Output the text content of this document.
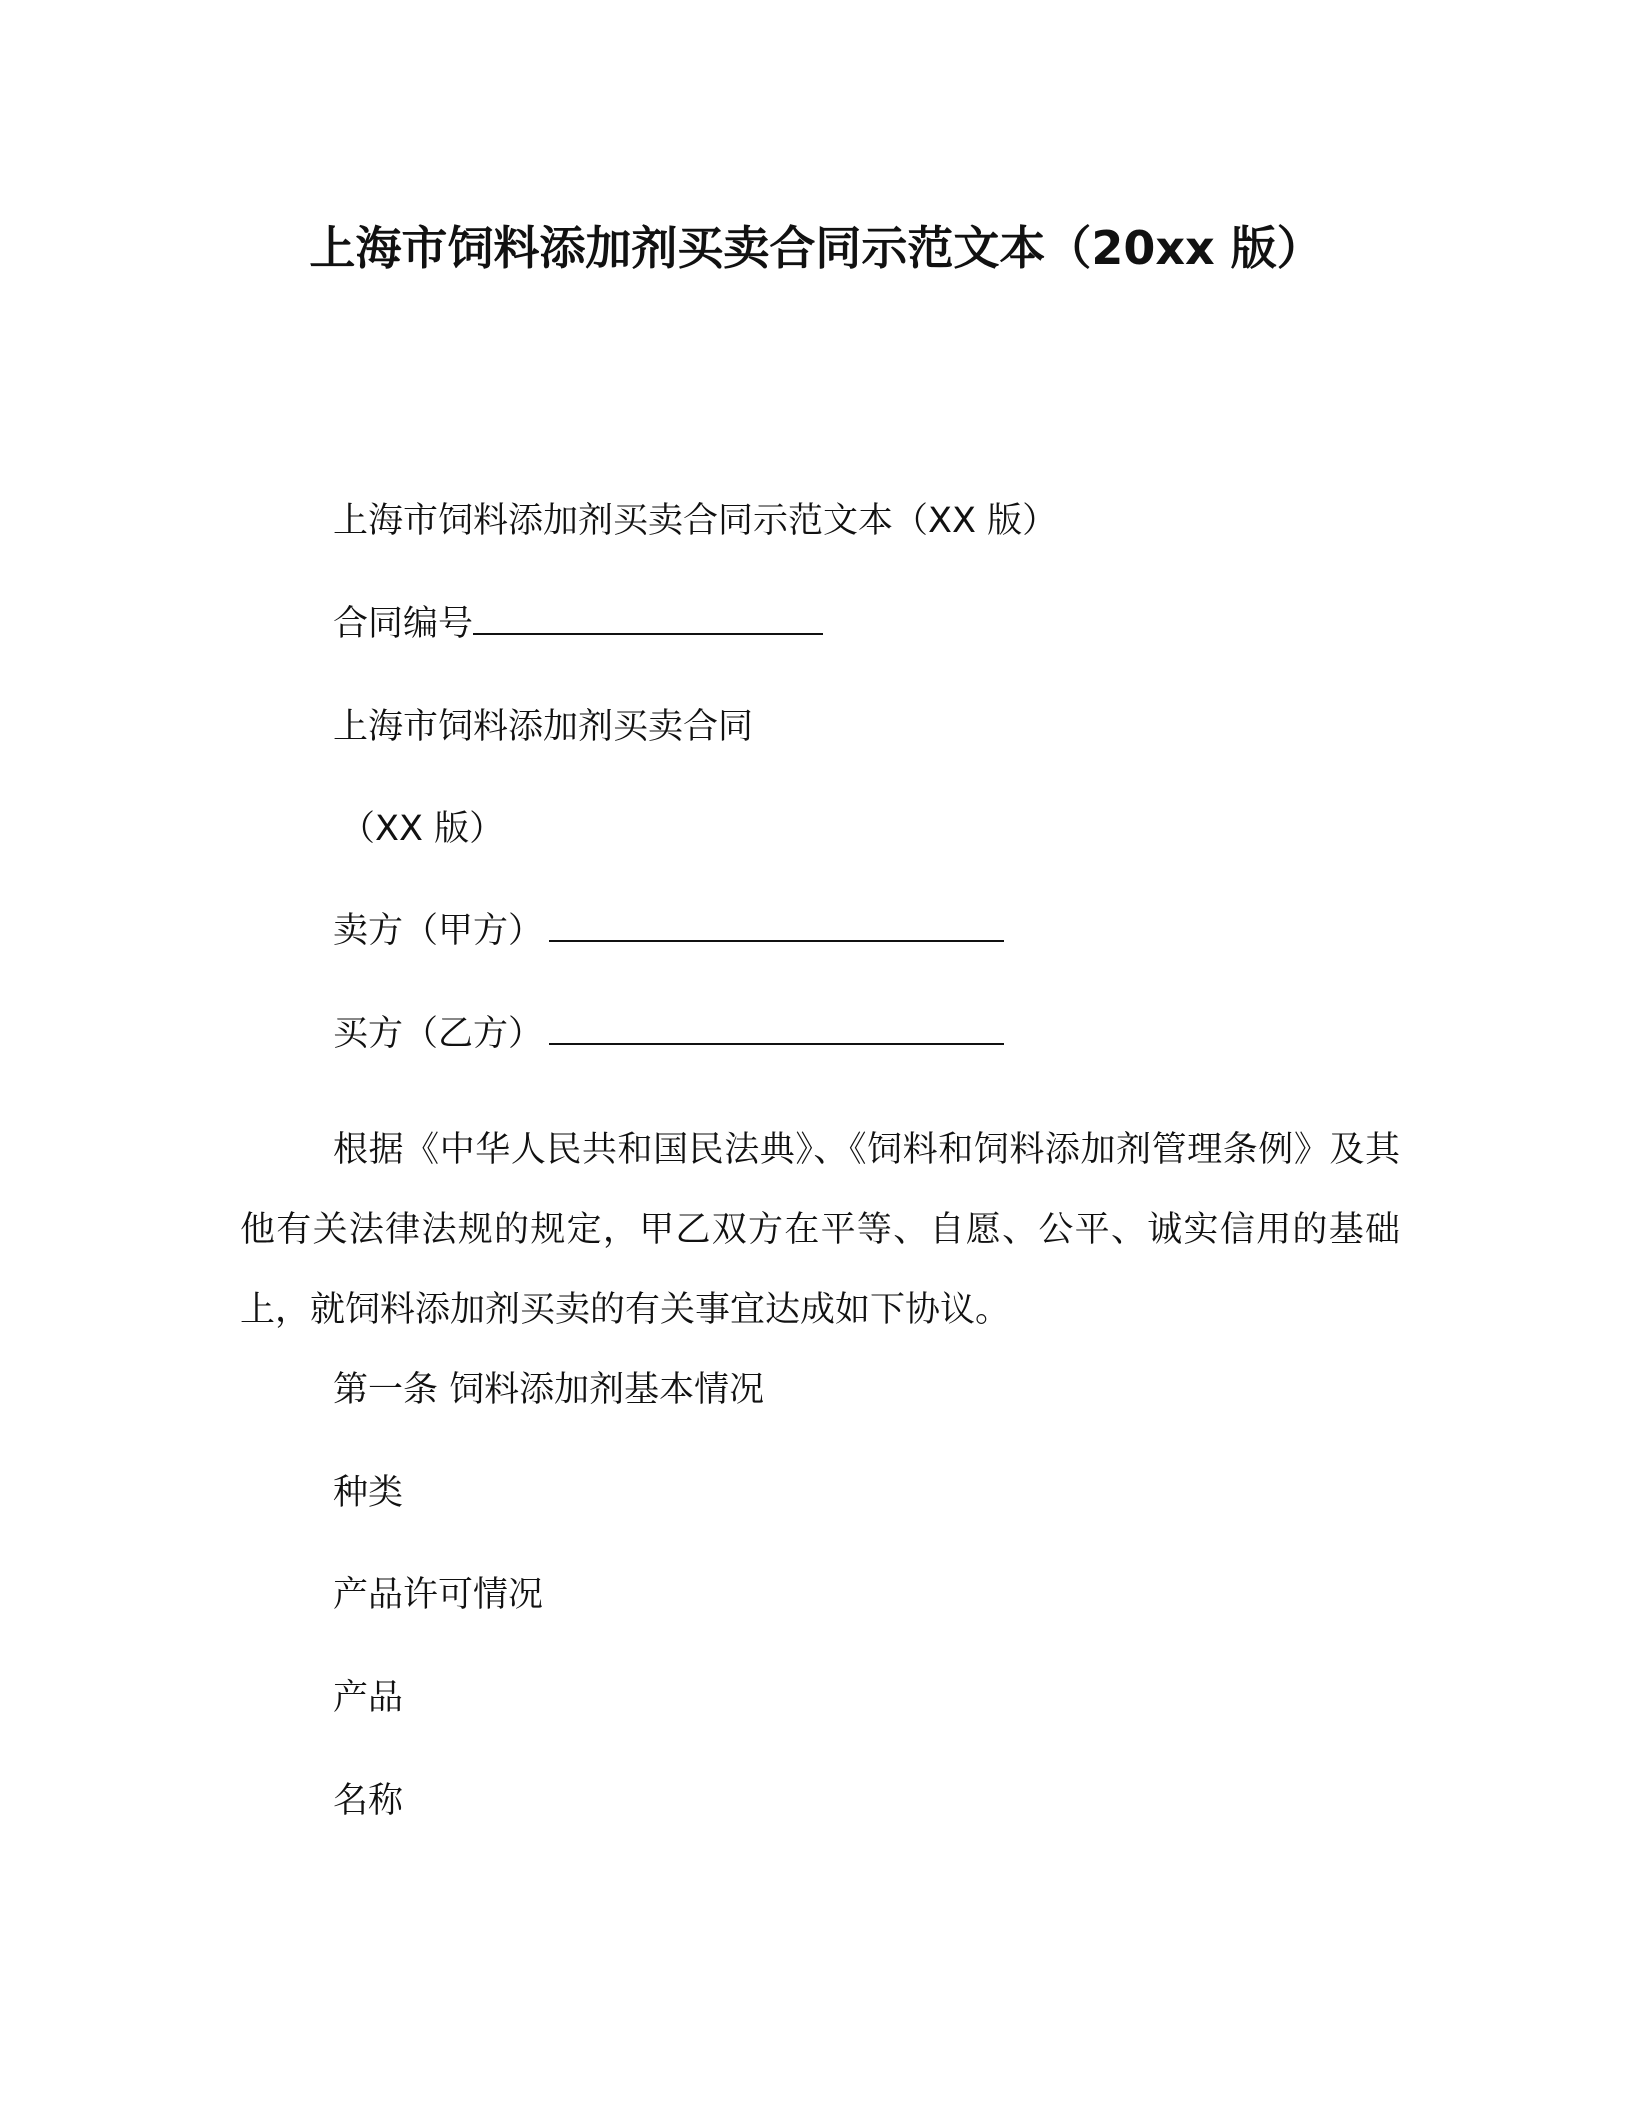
上海市饲料添加剂买卖合同示范文本（20xx 版）
上海市饲料添加剂买卖合同示范文本（XX 版）
合同编号
上海市饲料添加剂买卖合同
（XX 版）
卖方（甲方）
买方（乙方）
根据《中华人民共和国民法典》、《饲料和饲料添加剂管理条例》及其他有关法律法规的规定，甲乙双方在平等、自愿、公平、诚实信用的基础上，就饲料添加剂买卖的有关事宜达成如下协议。
第一条 饲料添加剂基本情况
种类
产品许可情况
产品
名称
